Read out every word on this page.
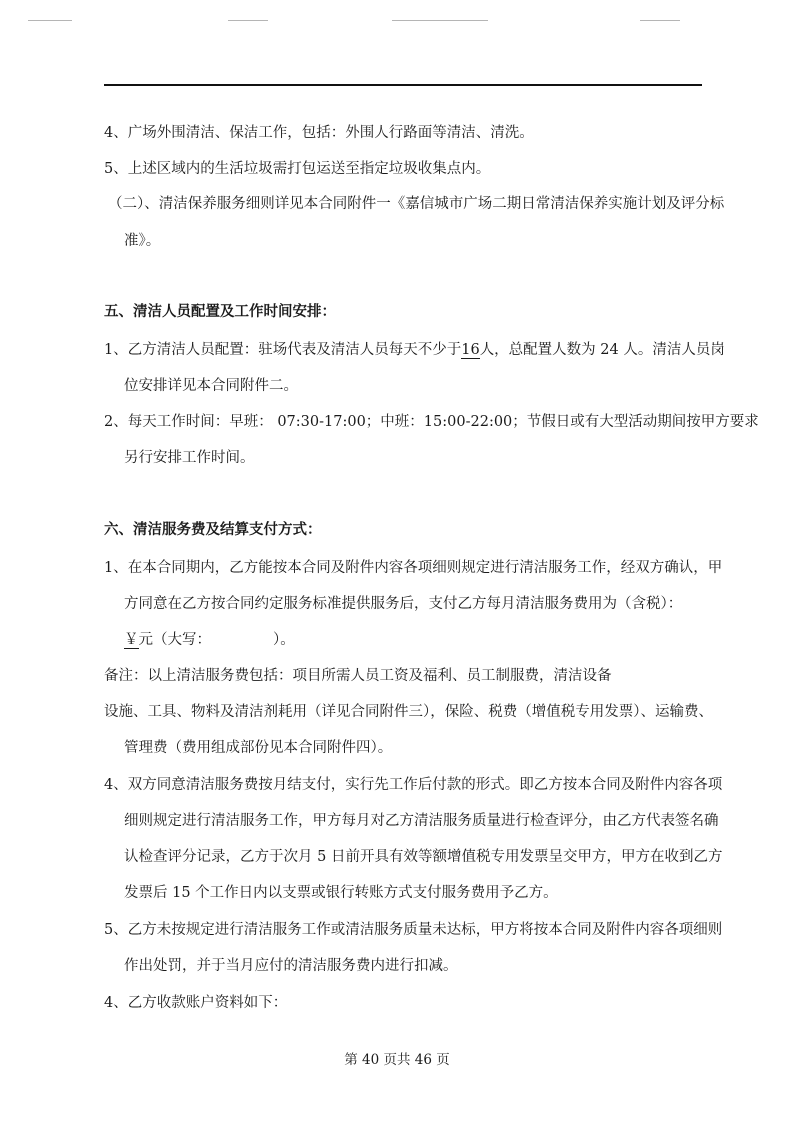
4、广场外围清洁、保洁工作，包括：外围人行路面等清洁、清洗。
5、上述区域内的生活垃圾需打包运送至指定垃圾收集点内。
（二）、清洁保养服务细则详见本合同附件一《嘉信城市广场二期日常清洁保养实施计划及评分标
准》。
五、清洁人员配置及工作时间安排：
1、乙方清洁人员配置：驻场代表及清洁人员每天不少于16人，总配置人数为 24 人。清洁人员岗
位安排详见本合同附件二。
2、每天工作时间：早班： 07:30-17:00；中班：15:00-22:00；节假日或有大型活动期间按甲方要求
另行安排工作时间。
六、清洁服务费及结算支付方式：
1、在本合同期内，乙方能按本合同及附件内容各项细则规定进行清洁服务工作，经双方确认，甲
方同意在乙方按合同约定服务标准提供服务后，支付乙方每月清洁服务费用为（含税）：
￥元（大写：	）。
备注：以上清洁服务费包括：项目所需人员工资及福利、员工制服费，清洁设备
设施、工具、物料及清洁剂耗用（详见合同附件三），保险、税费（增值税专用发票）、运输费、
管理费（费用组成部份见本合同附件四）。
4、双方同意清洁服务费按月结支付，实行先工作后付款的形式。即乙方按本合同及附件内容各项
细则规定进行清洁服务工作，甲方每月对乙方清洁服务质量进行检查评分，由乙方代表签名确
认检查评分记录，乙方于次月 5 日前开具有效等额增值税专用发票呈交甲方，甲方在收到乙方
发票后 15 个工作日内以支票或银行转账方式支付服务费用予乙方。
5、乙方未按规定进行清洁服务工作或清洁服务质量未达标，甲方将按本合同及附件内容各项细则
作出处罚，并于当月应付的清洁服务费内进行扣减。
4、乙方收款账户资料如下：
第 40 页共 46 页
